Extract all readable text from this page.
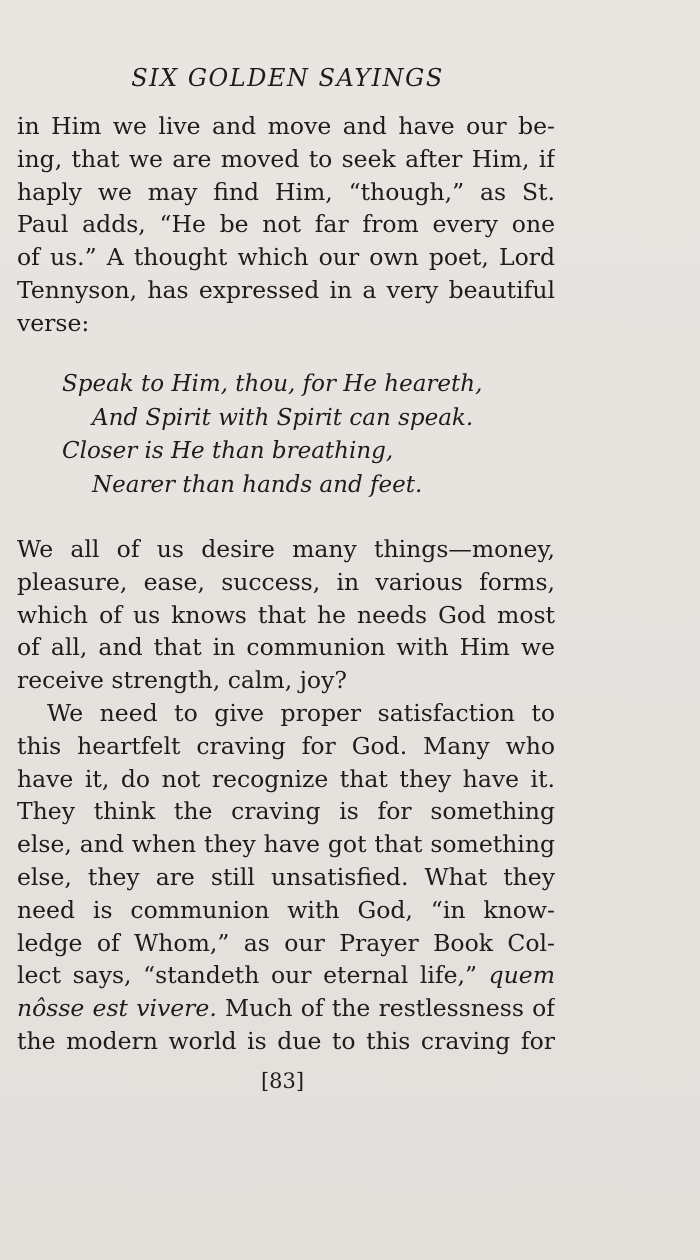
SIX GOLDEN SAYINGS
in Him we live and move and have our be-
ing, that we are moved to seek after Him, if
haply we may find Him, “though,” as St.
Paul adds, “He be not far from every one
of us.” A thought which our own poet, Lord
Tennyson, has expressed in a very beautiful
verse:
Speak to Him, thou, for He heareth,
And Spirit with Spirit can speak.
Closer is He than breathing,
Nearer than hands and feet.
We all of us desire many things—money,
pleasure, ease, success, in various forms,
which of us knows that he needs God most
of all, and that in communion with Him we
receive strength, calm, joy?
We need to give proper satisfaction to
this heartfelt craving for God. Many who
have it, do not recognize that they have it.
They think the craving is for something
else, and when they have got that something
else, they are still unsatisfied. What they
need is communion with God, “in know-
ledge of Whom,” as our Prayer Book Col-
lect says, “standeth our eternal life,” quem
nôsse est vivere. Much of the restlessness of
the modern world is due to this craving for
[83]
